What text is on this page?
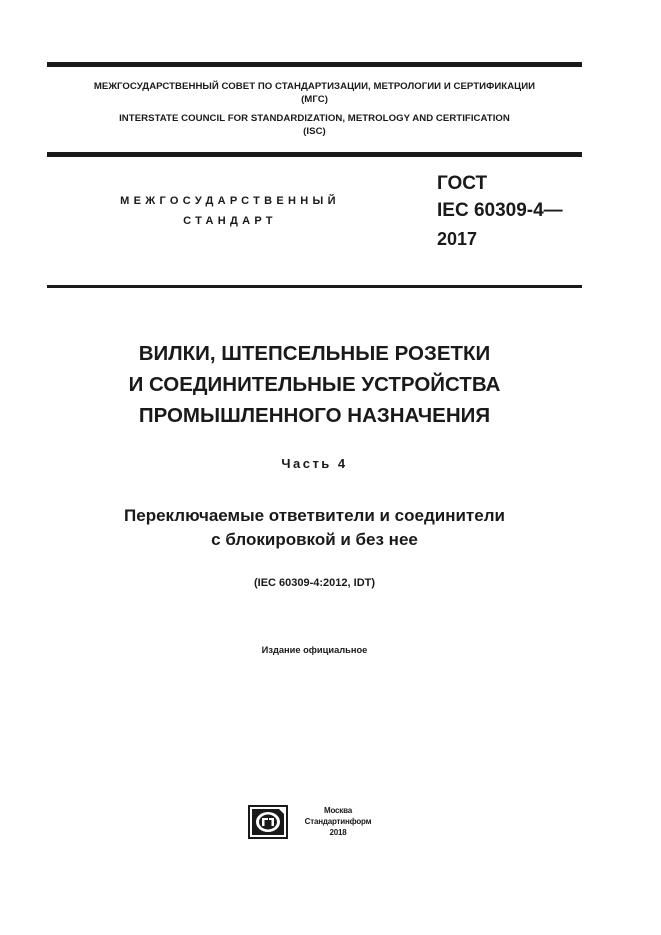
МЕЖГОСУДАРСТВЕННЫЙ СОВЕТ ПО СТАНДАРТИЗАЦИИ, МЕТРОЛОГИИ И СЕРТИФИКАЦИИ
(МГС)
INTERSTATE COUNCIL FOR STANDARDIZATION, METROLOGY AND CERTIFICATION
(ISC)
МЕЖГОСУДАРСТВЕННЫЙ
СТАНДАРТ
ГОСТ
IEC 60309-4—
2017
ВИЛКИ, ШТЕПСЕЛЬНЫЕ РОЗЕТКИ
И СОЕДИНИТЕЛЬНЫЕ УСТРОЙСТВА
ПРОМЫШЛЕННОГО НАЗНАЧЕНИЯ
Часть 4
Переключаемые ответвители и соединители
с блокировкой и без нее
(IEC 60309-4:2012, IDT)
Издание официальное
Москва
Стандартинформ
2018
